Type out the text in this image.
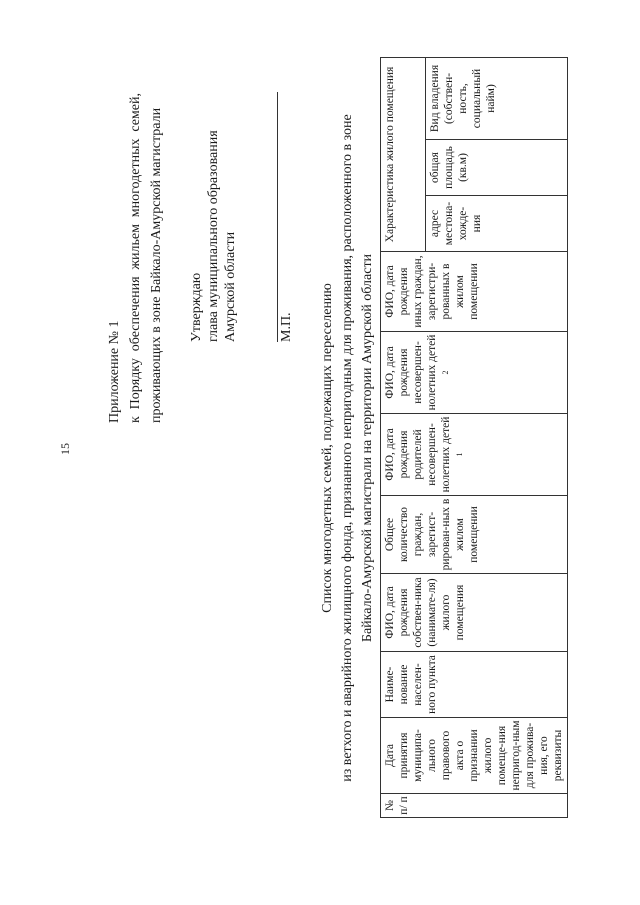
15
Приложение № 1 к Порядку обеспечения жильем многодетных семей, проживающих в зоне Байкало-Амурской магистрали Утверждаю глава муниципального образования Амурской области	М.П. Список многодетных семей, подлежащих переселению из ветхого и аварийного жилищного фонда, признанного непригодным для проживания, расположенного в зоне Байкало-Амурской магистрали на территории Амурской области
№ п/ п	Дата принятия муниципа-льного правового акта о признании жилого помеще-ния непригод-ным для прожива-ния, его реквизиты	Наиме-нование населен-ного пункта	ФИО, дата рождения собствен-ника (нанимате-ля) жилого помещения	Общее количество граждан, зарегист-рирован-ных в жилом помещении	ФИО, дата рождения родителей несовершен-нолетних детей $^1$	ФИО, дата рождения несовершен-нолетних детей $^2$	ФИО, дата рождения иных граждан, зарегистри-рованных в жилом помещении	Характеристика жилого помещения		

								адрес местона-хожде-ния	общая площадь (кв.м)	Вид владения (собствен-ность, социальный найм)
